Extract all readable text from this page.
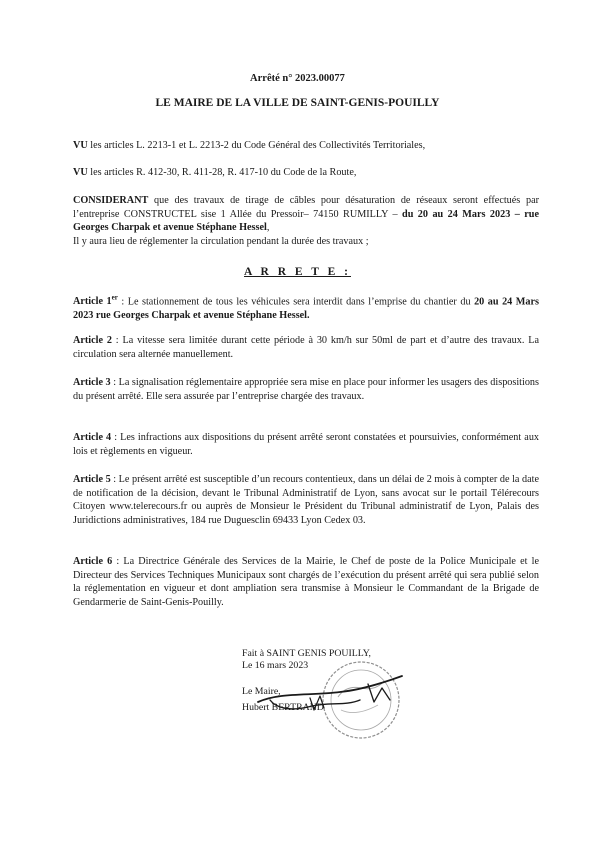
Arrêté n° 2023.00077
LE MAIRE DE LA VILLE DE SAINT-GENIS-POUILLY

VU les articles L. 2213-1 et L. 2213-2 du Code Général des Collectivités Territoriales,

VU les articles R. 412-30, R. 411-28, R. 417-10 du Code de la Route,

CONSIDERANT que des travaux de tirage de câbles pour désaturation de réseaux seront effectués par l’entreprise CONSTRUCTEL sise 1 Allée du Pressoir– 74150 RUMILLY – du 20 au 24 Mars 2023 – rue Georges Charpak et avenue Stéphane Hessel,
Il y aura lieu de réglementer la circulation pendant la durée des travaux ;

A R R E T E :

Article 1er : Le stationnement de tous les véhicules sera interdit dans l’emprise du chantier du 20 au 24 Mars 2023 rue Georges Charpak et avenue Stéphane Hessel.

Article 2 : La vitesse sera limitée durant cette période à 30 km/h sur 50ml de part et d’autre des travaux. La circulation sera alternée manuellement.

Article 3 : La signalisation réglementaire appropriée sera mise en place pour informer les usagers des dispositions du présent arrêté. Elle sera assurée par l’entreprise chargée des travaux.

Article 4 : Les infractions aux dispositions du présent arrêté seront constatées et poursuivies, conformément aux lois et règlements en vigueur.

Article 5 : Le présent arrêté est susceptible d’un recours contentieux, dans un délai de 2 mois à compter de la date de notification de la décision, devant le Tribunal Administratif de Lyon, sans avocat sur le portail Télérecours Citoyen www.telerecours.fr ou auprès de Monsieur le Président du Tribunal administratif de Lyon, Palais des Juridictions administratives, 184 rue Duguesclin 69433 Lyon Cedex 03.

Article 6 : La Directrice Générale des Services de la Mairie, le Chef de poste de la Police Municipale et le Directeur des Services Techniques Municipaux sont chargés de l’exécution du présent arrêté qui sera publié selon la réglementation en vigueur et dont ampliation sera transmise à Monsieur le Commandant de la Brigade de Gendarmerie de Saint-Genis-Pouilly.

Fait à SAINT GENIS POUILLY,
Le 16 mars 2023
Le Maire,
Hubert BERTRAND
